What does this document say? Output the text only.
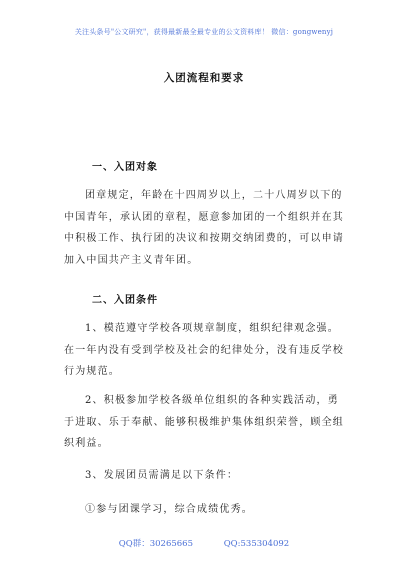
关注头条号"公文研究"，获得最新最全最专业的公文资料库！ 微信：gongwenyj
入团流程和要求
一、入团对象

团章规定，年龄在十四周岁以上，二十八周岁以下的中国青年，承认团的章程，愿意参加团的一个组织并在其中积极工作、执行团的决议和按期交纳团费的，可以申请加入中国共产主义青年团。

二、入团条件

1、模范遵守学校各项规章制度，组织纪律观念强。在一年内没有受到学校及社会的纪律处分，没有违反学校行为规范。

2、积极参加学校各级单位组织的各种实践活动，勇于进取、乐于奉献、能够积极维护集体组织荣誉，顾全组织利益。

3、发展团员需满足以下条件：
①参与团课学习，综合成绩优秀。
QQ群：30265665	QQ:535304092
